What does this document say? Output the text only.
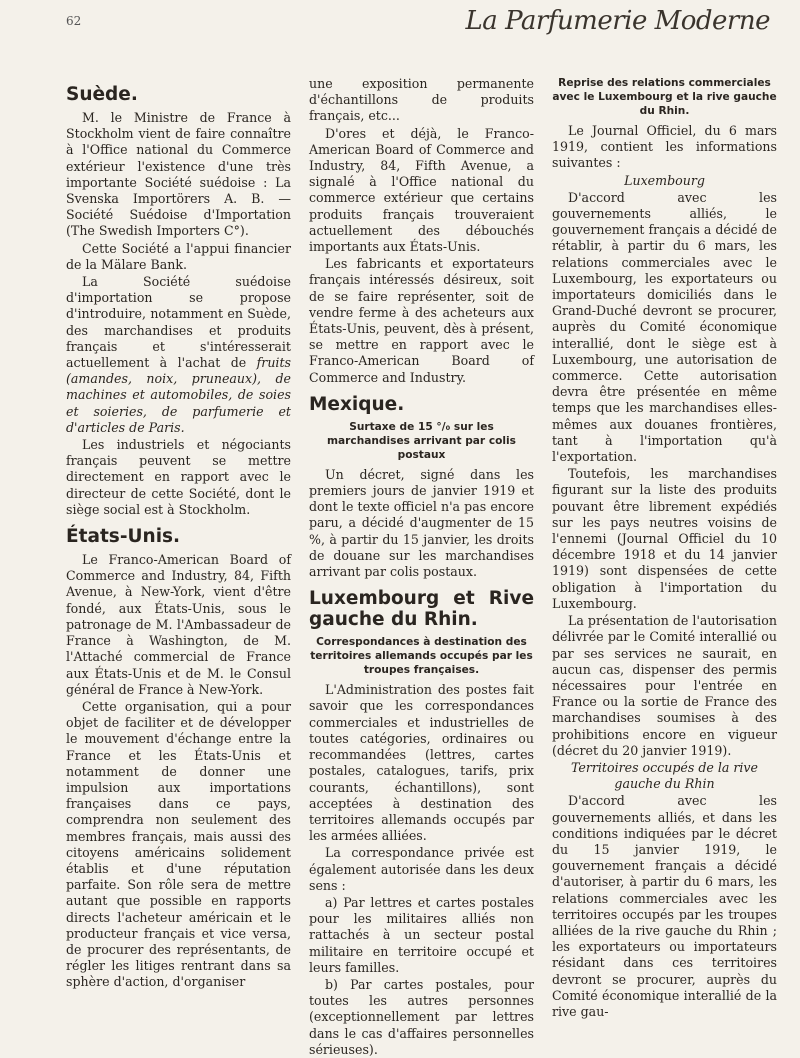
62	La Parfumerie Moderne
Suède.

M. le Ministre de France à Stockholm vient de faire connaître à l'Office national du Commerce extérieur l'existence d'une très importante Société suédoise : La Svenska Importörers A. B. — Société Suédoise d'Importation (The Swedish Importers C°).

Cette Société a l'appui financier de la Mälare Bank.

La Société suédoise d'importation se propose d'introduire, notamment en Suède, des marchandises et produits français et s'intéresserait actuellement à l'achat de fruits (amandes, noix, pruneaux), de machines et automobiles, de soies et soieries, de parfumerie et d'articles de Paris.

Les industriels et négociants français peuvent se mettre directement en rapport avec le directeur de cette Société, dont le siège social est à Stockholm.

États-Unis.

Le Franco-American Board of Commerce and Industry, 84, Fifth Avenue, à New-York, vient d'être fondé, aux États-Unis, sous le patronage de M. l'Ambassadeur de France à Washington, de M. l'Attaché commercial de France aux États-Unis et de M. le Consul général de France à New-York.

Cette organisation, qui a pour objet de faciliter et de développer le mouvement d'échange entre la France et les États-Unis et notamment de donner une impulsion aux importations françaises dans ce pays, comprendra non seulement des membres français, mais aussi des citoyens américains solidement établis et d'une réputation parfaite. Son rôle sera de mettre autant que possible en rapports directs l'acheteur américain et le producteur français et vice versa, de procurer des représentants, de régler les litiges rentrant dans sa sphère d'action, d'organiser

une exposition permanente d'échantillons de produits français, etc...

D'ores et déjà, le Franco-American Board of Commerce and Industry, 84, Fifth Avenue, a signalé à l'Office national du commerce extérieur que certains produits français trouveraient actuellement des débouchés importants aux États-Unis.

Les fabricants et exportateurs français intéressés désireux, soit de se faire représenter, soit de vendre ferme à des acheteurs aux États-Unis, peuvent, dès à présent, se mettre en rapport avec le Franco-American Board of Commerce and Industry.

Mexique.
Surtaxe de 15 °/₀ sur les marchandises arrivant par colis postaux

Un décret, signé dans les premiers jours de janvier 1919 et dont le texte officiel n'a pas encore paru, a décidé d'augmenter de 15 %, à partir du 15 janvier, les droits de douane sur les marchandises arrivant par colis postaux.

Luxembourg et Rive gauche du Rhin.
Correspondances à destination des territoires allemands occupés par les troupes françaises.

L'Administration des postes fait savoir que les correspondances commerciales et industrielles de toutes catégories, ordinaires ou recommandées (lettres, cartes postales, catalogues, tarifs, prix courants, échantillons), sont acceptées à destination des territoires allemands occupés par les armées alliées.

La correspondance privée est également autorisée dans les deux sens :

a) Par lettres et cartes postales pour les militaires alliés non rattachés à un secteur postal militaire en territoire occupé et leurs familles.

b) Par cartes postales, pour toutes les autres personnes (exceptionnellement par lettres dans le cas d'affaires personnelles sérieuses).

Reprise des relations commerciales avec le Luxembourg et la rive gauche du Rhin.

Le Journal Officiel, du 6 mars 1919, contient les informations suivantes :

Luxembourg

D'accord avec les gouvernements alliés, le gouvernement français a décidé de rétablir, à partir du 6 mars, les relations commerciales avec le Luxembourg, les exportateurs ou importateurs domiciliés dans le Grand-Duché devront se procurer, auprès du Comité économique interallié, dont le siège est à Luxembourg, une autorisation de commerce. Cette autorisation devra être présentée en même temps que les marchandises elles-mêmes aux douanes frontières, tant à l'importation qu'à l'exportation.

Toutefois, les marchandises figurant sur la liste des produits pouvant être librement expédiés sur les pays neutres voisins de l'ennemi (Journal Officiel du 10 décembre 1918 et du 14 janvier 1919) sont dispensées de cette obligation à l'importation du Luxembourg.

La présentation de l'autorisation délivrée par le Comité interallié ou par ses services ne saurait, en aucun cas, dispenser des permis nécessaires pour l'entrée en France ou la sortie de France des marchandises soumises à des prohibitions encore en vigueur (décret du 20 janvier 1919).

Territoires occupés de la rive gauche du Rhin

D'accord avec les gouvernements alliés, et dans les conditions indiquées par le décret du 15 janvier 1919, le gouvernement français a décidé d'autoriser, à partir du 6 mars, les relations commerciales avec les territoires occupés par les troupes alliées de la rive gauche du Rhin ; les exportateurs ou importateurs résidant dans ces territoires devront se procurer, auprès du Comité économique interallié de la rive gau-
